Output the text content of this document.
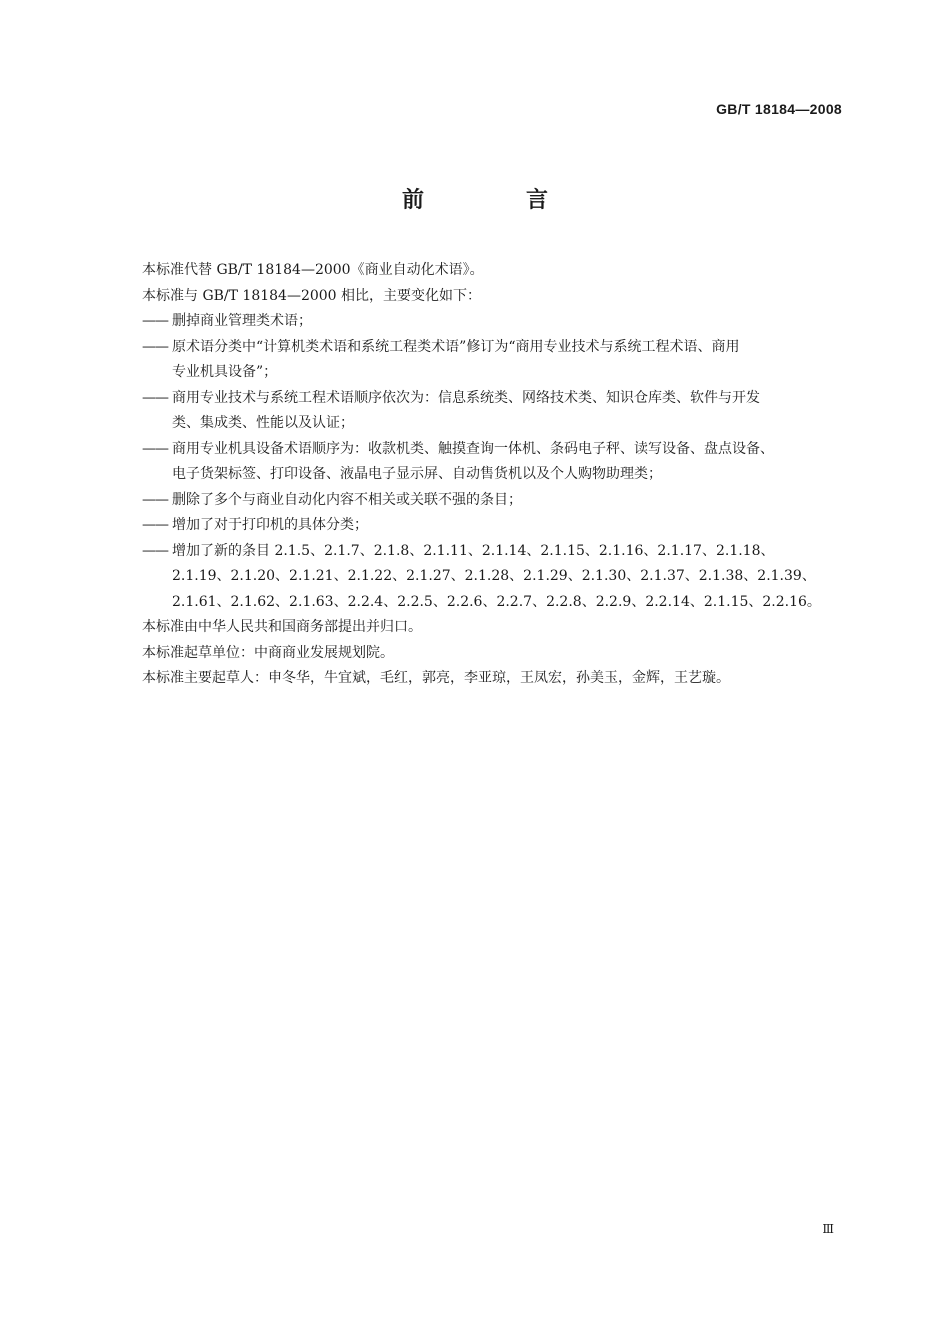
GB/T 18184—2008
前　言

本标准代替 GB/T 18184—2000《商业自动化术语》。

本标准与 GB/T 18184—2000 相比，主要变化如下：

—— 删掉商业管理类术语；
—— 原术语分类中“计算机类术语和系统工程类术语”修订为“商用专业技术与系统工程术语、商用
专业机具设备”；
—— 商用专业技术与系统工程术语顺序依次为：信息系统类、网络技术类、知识仓库类、软件与开发
类、集成类、性能以及认证；
—— 商用专业机具设备术语顺序为：收款机类、触摸查询一体机、条码电子秤、读写设备、盘点设备、
电子货架标签、打印设备、液晶电子显示屏、自动售货机以及个人购物助理类；
—— 删除了多个与商业自动化内容不相关或关联不强的条目；
—— 增加了对于打印机的具体分类；
—— 增加了新的条目 2.1.5、2.1.7、2.1.8、2.1.11、2.1.14、2.1.15、2.1.16、2.1.17、2.1.18、
2.1.19、2.1.20、2.1.21、2.1.22、2.1.27、2.1.28、2.1.29、2.1.30、2.1.37、2.1.38、2.1.39、
2.1.61、2.1.62、2.1.63、2.2.4、2.2.5、2.2.6、2.2.7、2.2.8、2.2.9、2.2.14、2.1.15、2.2.16。

本标准由中华人民共和国商务部提出并归口。

本标准起草单位：中商商业发展规划院。

本标准主要起草人：申冬华，牛宜斌，毛红，郭亮，李亚琼，王凤宏，孙美玉，金辉，王艺璇。

Ⅲ
